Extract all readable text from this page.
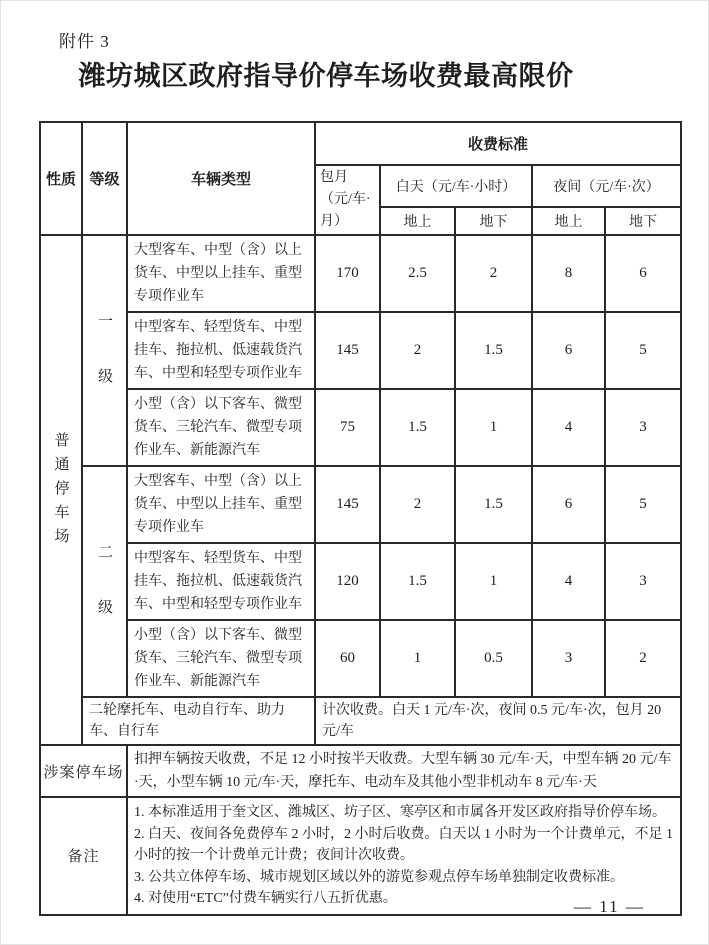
附件 3
潍坊城区政府指导价停车场收费最高限价
性质	等级	车辆类型	收费标准				
			包月（元/车·月）	白天（元/车·小时）		夜间（元/车·次）	
				地上	地下	地上	地下
普通停车场	一级	大型客车、中型（含）以上货车、中型以上挂车、重型专项作业车	170	2.5	2	8	6
		中型客车、轻型货车、中型挂车、拖拉机、低速载货汽车、中型和轻型专项作业车	145	2	1.5	6	5
		小型（含）以下客车、微型货车、三轮汽车、微型专项作业车、新能源汽车	75	1.5	1	4	3
	二级	大型客车、中型（含）以上货车、中型以上挂车、重型专项作业车	145	2	1.5	6	5
		中型客车、轻型货车、中型挂车、拖拉机、低速载货汽车、中型和轻型专项作业车	120	1.5	1	4	3
		小型（含）以下客车、微型货车、三轮汽车、微型专项作业车、新能源汽车	60	1	0.5	3	2
	二轮摩托车、电动自行车、助力车、自行车		计次收费。白天 1 元/车·次，夜间 0.5 元/车·次，包月 20 元/车				
涉案停车场		扣押车辆按天收费，不足 12 小时按半天收费。大型车辆 30 元/车·天，中型车辆 20 元/车·天，小型车辆 10 元/车·天，摩托车、电动车及其他小型非机动车 8 元/车·天					
备注		1. 本标准适用于奎文区、潍城区、坊子区、寒亭区和市属各开发区政府指导价停车场。
2. 白天、夜间各免费停车 2 小时，2 小时后收费。白天以 1 小时为一个计费单元，不足 1 小时的按一个计费单元计费；夜间计次收费。
3. 公共立体停车场、城市规划区域以外的游览参观点停车场单独制定收费标准。
4. 对使用“ETC”付费车辆实行八五折优惠。						— 11 —
